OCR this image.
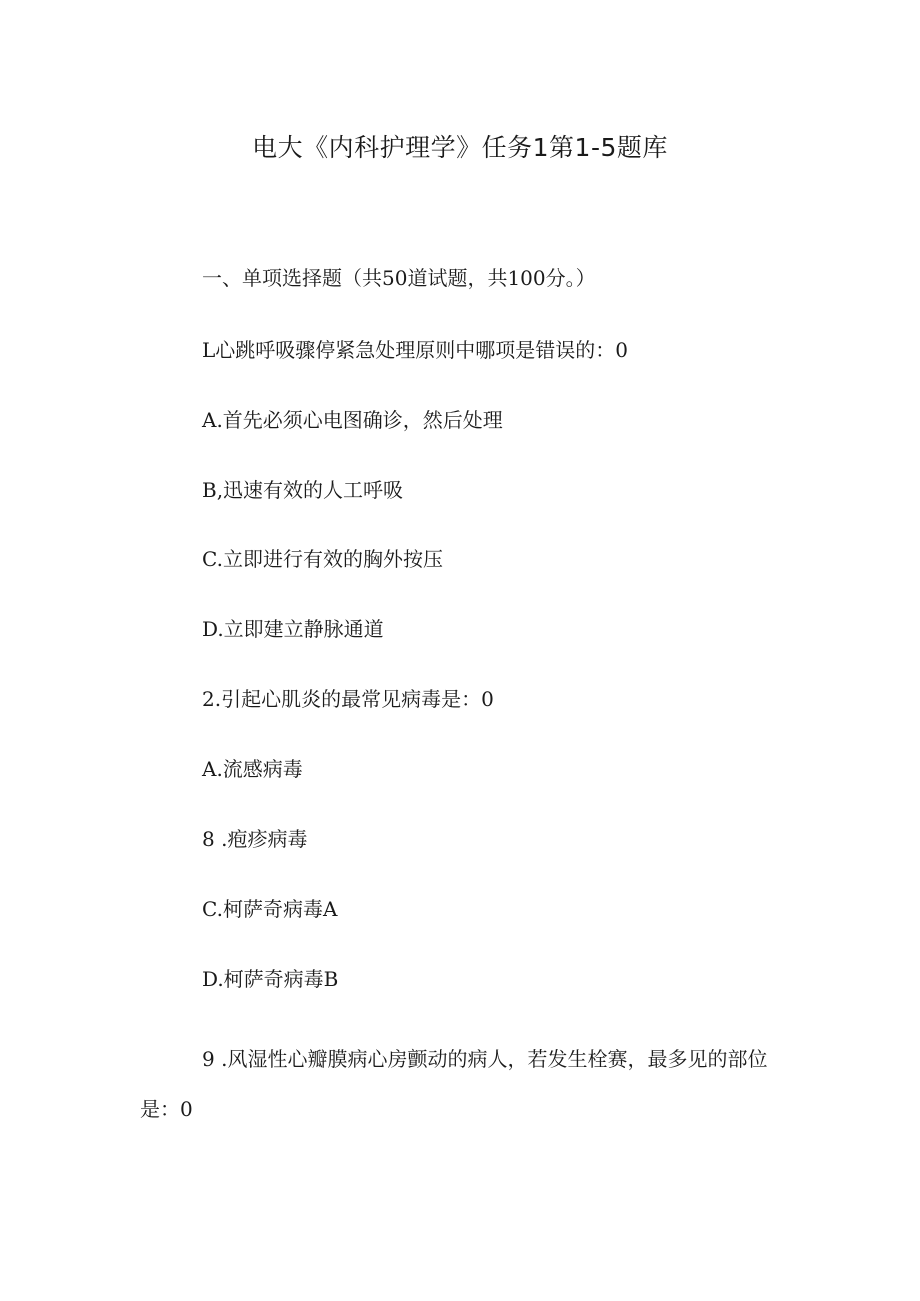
电大《内科护理学》任务1第1-5题库

一、单项选择题（共50道试题，共100分。）

L心跳呼吸骤停紧急处理原则中哪项是错误的：0

A.首先必须心电图确诊，然后处理

B,迅速有效的人工呼吸

C.立即进行有效的胸外按压

D.立即建立静脉通道

2.引起心肌炎的最常见病毒是：0

A.流感病毒

8 .疱疹病毒

C.柯萨奇病毒A

D.柯萨奇病毒B

9 .风湿性心瓣膜病心房颤动的病人，若发生栓赛，最多见的部位是：0
